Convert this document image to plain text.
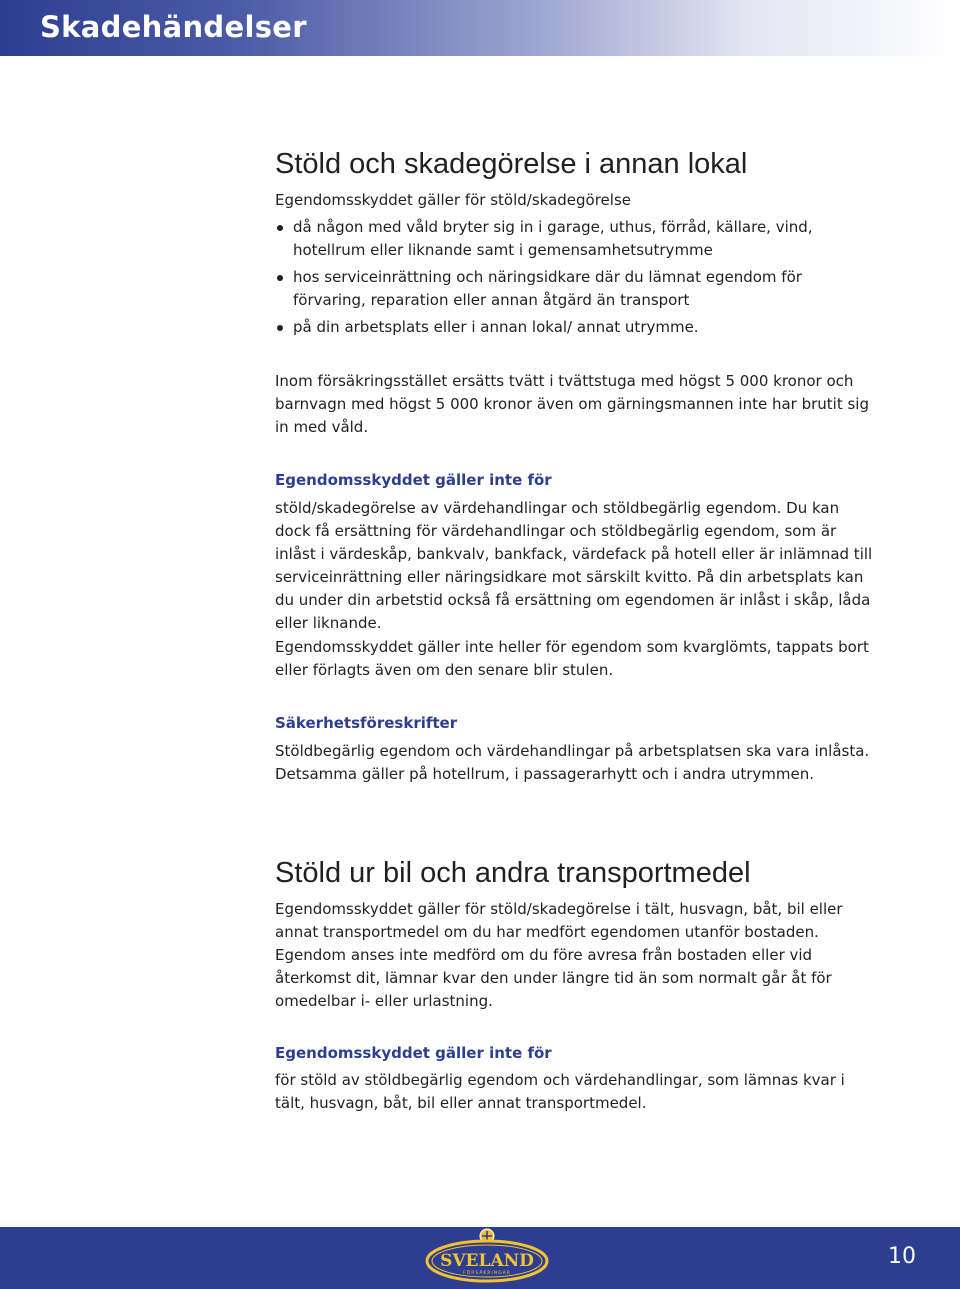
Skadehändelser
Stöld och skadegörelse i annan lokal
Egendomsskyddet gäller för stöld/skadegörelse
då någon med våld bryter sig in i garage, uthus, förråd, källare, vind, hotellrum eller liknande samt i gemensamhetsutrymme
hos serviceinrättning och näringsidkare där du lämnat egendom för förvaring, reparation eller annan åtgärd än transport
på din arbetsplats eller i annan lokal/ annat utrymme.
Inom försäkringsstället ersätts tvätt i tvättstuga med högst 5 000 kronor och barnvagn med högst 5 000 kronor även om gärningsmannen inte har brutit sig in med våld.
Egendomsskyddet gäller inte för
stöld/skadegörelse av värdehandlingar och stöldbegärlig egendom. Du kan dock få ersättning för värdehandlingar och stöldbegärlig egendom, som är inlåst i värdeskåp, bankvalv, bankfack, värdefack på hotell eller är inlämnad till serviceinrättning eller näringsidkare mot särskilt kvitto. På din arbetsplats kan du under din arbetstid också få ersättning om egendomen är inlåst i skåp, låda eller liknande.
Egendomsskyddet gäller inte heller för egendom som kvarglömts, tappats bort eller förlagts även om den senare blir stulen.
Säkerhetsföreskrifter
Stöldbegärlig egendom och värdehandlingar på arbetsplatsen ska vara inlåsta. Detsamma gäller på hotellrum, i passagerarhytt och i andra utrymmen.
Stöld ur bil och andra transportmedel
Egendomsskyddet gäller för stöld/skadegörelse i tält, husvagn, båt, bil eller annat transportmedel om du har medfört egendomen utanför bostaden. Egendom anses inte medförd om du före avresa från bostaden eller vid återkomst dit, lämnar kvar den under längre tid än som normalt går åt för omedelbar i- eller urlastning.
Egendomsskyddet gäller inte för
för stöld av stöldbegärlig egendom och värdehandlingar, som lämnas kvar i tält, husvagn, båt, bil eller annat transportmedel.
SVELAND
FÖRSÄKRINGAR
10
